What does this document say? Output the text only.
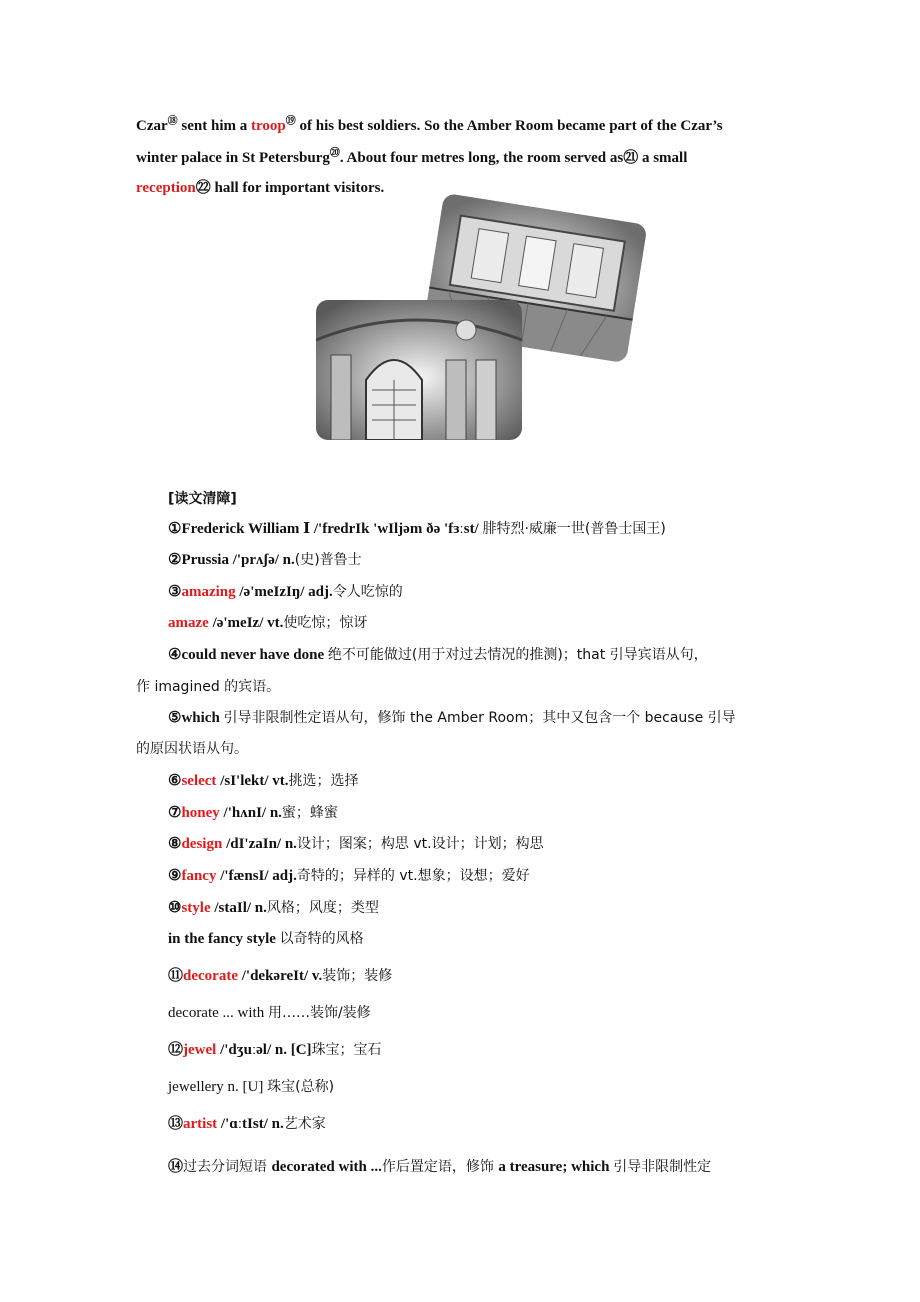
Czar⑱ sent him a troop⑲ of his best soldiers. So the Amber Room became part of the Czar’s
winter palace in St Petersburg⑳. About four metres long, the room served as㉑ a small
reception㉒ hall for important visitors.
[读文清障]
①Frederick William Ⅰ /'fredrIk 'wIljəm ðə 'fɜːst/ 腓特烈·威廉一世(普鲁士国王)
②Prussia /'prʌʃə/ n.(史)普鲁士
③amazing /ə'meIzIŋ/ adj.令人吃惊的
amaze /ə'meIz/ vt.使吃惊；惊讶
④could never have done 绝不可能做过(用于对过去情况的推测)；that 引导宾语从句，
作 imagined 的宾语。
⑤which 引导非限制性定语从句，修饰 the Amber Room；其中又包含一个 because 引导
的原因状语从句。
⑥select /sI'lekt/ vt.挑选；选择
⑦honey /'hʌnI/ n.蜜；蜂蜜
⑧design /dI'zaIn/ n.设计；图案；构思 vt.设计；计划；构思
⑨fancy /'fænsI/ adj.奇特的；异样的 vt.想象；设想；爱好
⑩style /staIl/ n.风格；风度；类型
in the fancy style 以奇特的风格
⑪decorate /'dekəreIt/ v.装饰；装修
decorate ... with 用……装饰/装修
⑫jewel /'dʒuːəl/ n. [C]珠宝；宝石
jewellery n. [U] 珠宝(总称)
⑬artist /'ɑːtIst/ n.艺术家
⑭过去分词短语 decorated with ...作后置定语，修饰 a treasure; which 引导非限制性定
